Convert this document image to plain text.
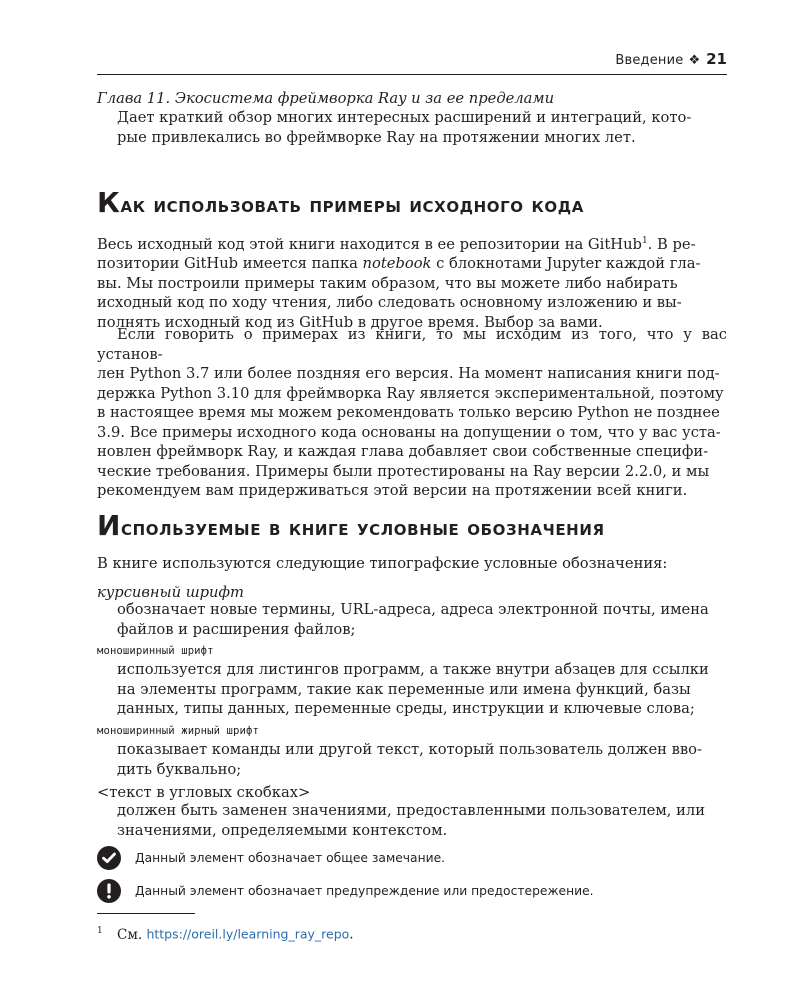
Введение ❖ 21
Глава 11. Экосистема фреймворка Ray и за ее пределами
Дает краткий обзор многих интересных расширений и интеграций, кото-
рые привлекались во фреймворке Ray на протяжении многих лет.
Как использовать примеры исходного кода
Весь исходный код этой книги находится в ее репозитории на GitHub$^1$. В ре-
позитории GitHub имеется папка notebook с блокнотами Jupyter каждой гла-
вы. Мы построили примеры таким образом, что вы можете либо набирать
исходный код по ходу чтения, либо следовать основному изложению и вы-
полнять исходный код из GitHub в другое время. Выбор за вами.
Если говорить о примерах из книги, то мы исходим из того, что у вас установ-
лен Python 3.7 или более поздняя его версия. На момент написания книги под-
держка Python 3.10 для фреймворка Ray является экспериментальной, поэтому
в настоящее время мы можем рекомендовать только версию Python не позднее
3.9. Все примеры исходного кода основаны на допущении о том, что у вас уста-
новлен фреймворк Ray, и каждая глава добавляет свои собственные специфи-
ческие требования. Примеры были протестированы на Ray версии 2.2.0, и мы
рекомендуем вам придерживаться этой версии на протяжении всей книги.
Используемые в книге условные обозначения
В книге используются следующие типографские условные обозначения:
курсивный шрифт
обозначает новые термины, URL-адреса, адреса электронной почты, имена
файлов и расширения файлов;
моноширинный шрифт
используется для листингов программ, а также внутри абзацев для ссылки
на элементы программ, такие как переменные или имена функций, базы
данных, типы данных, переменные среды, инструкции и ключевые слова;
моноширинный жирный шрифт
показывает команды или другой текст, который пользователь должен вво-
дить буквально;
<текст в угловых скобках>
должен быть заменен значениями, предоставленными пользователем, или
значениями, определяемыми контекстом.
Данный элемент обозначает общее замечание.
Данный элемент обозначает предупреждение или предостережение.
$^1$ См. https://oreil.ly/learning_ray_repo.
